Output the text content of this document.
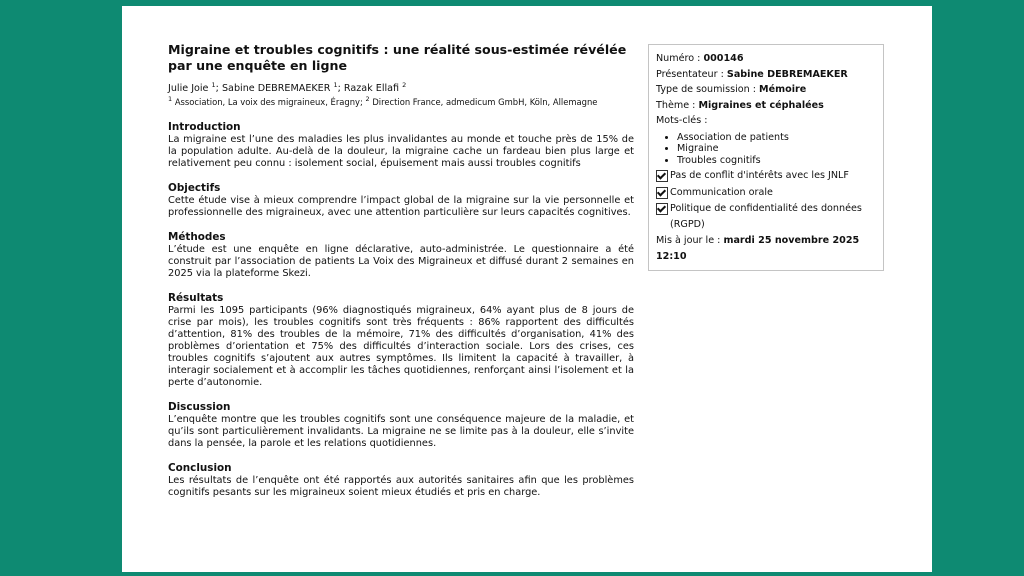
Migraine et troubles cognitifs : une réalité sous-estimée révélée par une enquête en ligne

Julie Joie $^1$; Sabine DEBREMAEKER $^1$; Razak Ellafi $^2$

$^1$ Association, La voix des migraineux, Éragny; $^2$ Direction France, admedicum GmbH, Köln, Allemagne

Introduction

La migraine est l’une des maladies les plus invalidantes au monde et touche près de 15% de la population adulte. Au-delà de la douleur, la migraine cache un fardeau bien plus large et relativement peu connu : isolement social, épuisement mais aussi troubles cognitifs

Objectifs

Cette étude vise à mieux comprendre l’impact global de la migraine sur la vie personnelle et professionnelle des migraineux, avec une attention particulière sur leurs capacités cognitives.

Méthodes

L’étude est une enquête en ligne déclarative, auto-administrée. Le questionnaire a été construit par l’association de patients La Voix des Migraineux et diffusé durant 2 semaines en 2025 via la plateforme Skezi.

Résultats

Parmi les 1095 participants (96% diagnostiqués migraineux, 64% ayant plus de 8 jours de crise par mois), les troubles cognitifs sont très fréquents : 86% rapportent des difficultés d’attention, 81% des troubles de la mémoire, 71% des difficultés d’organisation, 41% des problèmes d’orientation et 75% des difficultés d’interaction sociale. Lors des crises, ces troubles cognitifs s’ajoutent aux autres symptômes. Ils limitent la capacité à travailler, à interagir socialement et à accomplir les tâches quotidiennes, renforçant ainsi l’isolement et la perte d’autonomie.

Discussion

L’enquête montre que les troubles cognitifs sont une conséquence majeure de la maladie, et qu’ils sont particulièrement invalidants. La migraine ne se limite pas à la douleur, elle s’invite dans la pensée, la parole et les relations quotidiennes.

Conclusion

Les résultats de l’enquête ont été rapportés aux autorités sanitaires afin que les problèmes cognitifs pesants sur les migraineux soient mieux étudiés et pris en charge.

Numéro : 000146

Présentateur : Sabine DEBREMAEKER

Type de soumission : Mémoire

Thème : Migraines et céphalées

Mots-clés :

• Association de patients
• Migraine
• Troubles cognitifs
Pas de conflit d'intérêts avec les JNLF
Communication orale
Politique de confidentialité des données (RGPD)

Mis à jour le : mardi 25 novembre 2025 12:10
